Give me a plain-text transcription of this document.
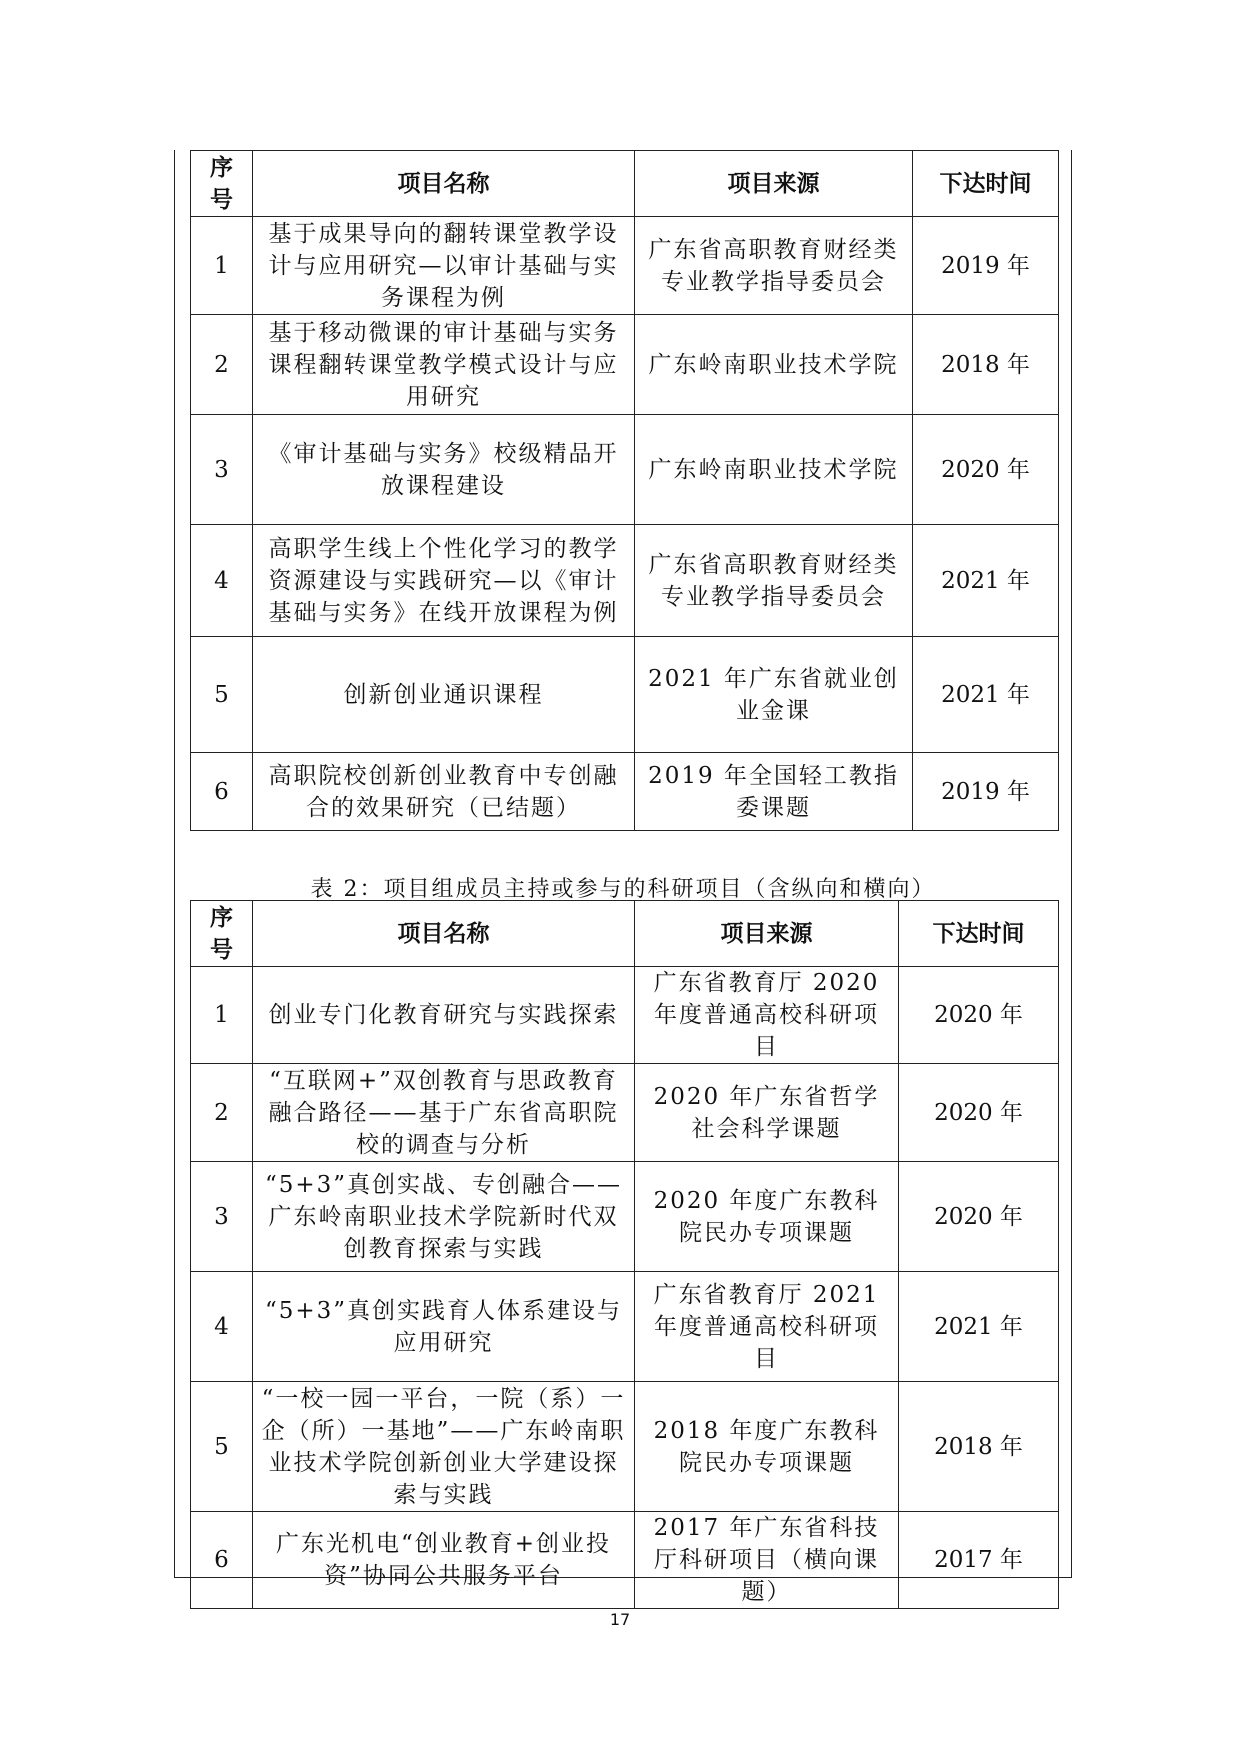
序号	项目名称	项目来源	下达时间
1	基于成果导向的翻转课堂教学设计与应用研究—以审计基础与实务课程为例	广东省高职教育财经类专业教学指导委员会	2019 年
2	基于移动微课的审计基础与实务课程翻转课堂教学模式设计与应用研究	广东岭南职业技术学院	2018 年
3	《审计基础与实务》校级精品开放课程建设	广东岭南职业技术学院	2020 年
4	高职学生线上个性化学习的教学资源建设与实践研究—以《审计基础与实务》在线开放课程为例	广东省高职教育财经类专业教学指导委员会	2021 年
5	创新创业通识课程	2021 年广东省就业创业金课	2021 年
6	高职院校创新创业教育中专创融合的效果研究（已结题）	2019 年全国轻工教指委课题	2019 年
表 2：项目组成员主持或参与的科研项目（含纵向和横向）
序号	项目名称	项目来源	下达时间
1	创业专门化教育研究与实践探索	广东省教育厅 2020 年度普通高校科研项目	2020 年
2	“互联网+”双创教育与思政教育融合路径——基于广东省高职院校的调查与分析	2020 年广东省哲学社会科学课题	2020 年
3	“5+3”真创实战、专创融合——广东岭南职业技术学院新时代双创教育探索与实践	2020 年度广东教科院民办专项课题	2020 年
4	“5+3”真创实践育人体系建设与应用研究	广东省教育厅 2021 年度普通高校科研项目	2021 年
5	“一校一园一平台，一院（系）一企（所）一基地”——广东岭南职业技术学院创新创业大学建设探索与实践	2018 年度广东教科院民办专项课题	2018 年
6	广东光机电“创业教育+创业投资”协同公共服务平台	2017 年广东省科技厅科研项目（横向课题）	2017 年
17
